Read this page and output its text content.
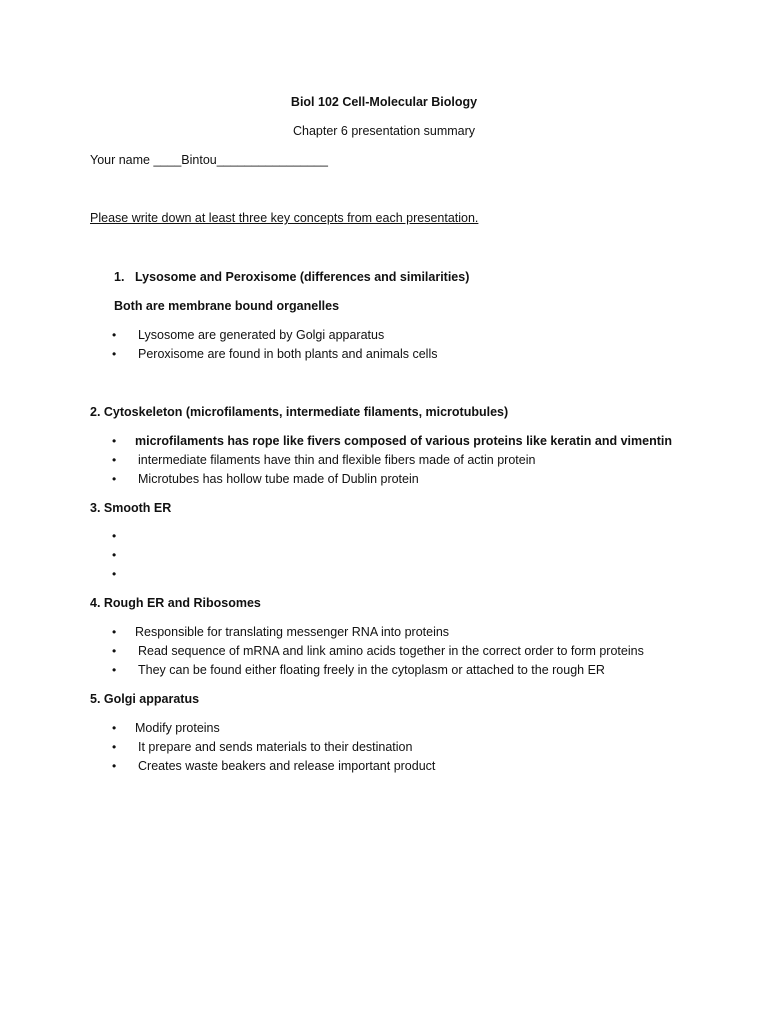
Biol 102 Cell-Molecular Biology
Chapter 6 presentation summary
Your name ____Bintou________________
Please write down at least three key concepts from each presentation.
1. Lysosome and Peroxisome (differences and similarities)
Both are membrane bound organelles
• Lysosome are generated by Golgi apparatus
• Peroxisome are found in both plants and animals cells
2. Cytoskeleton (microfilaments, intermediate filaments, microtubules)
• microfilaments has rope like fivers composed of various proteins like keratin and vimentin
• intermediate filaments have thin and flexible fibers made of actin protein
• Microtubes has hollow tube made of Dublin protein
3. Smooth ER
•
•
•
4. Rough ER and Ribosomes
• Responsible for translating messenger RNA into proteins
• Read sequence of mRNA and link amino acids together in the correct order to form proteins
• They can be found either floating freely in the cytoplasm or attached to the rough ER
5. Golgi apparatus
• Modify proteins
• It prepare and sends materials to their destination
• Creates waste beakers and release important product
